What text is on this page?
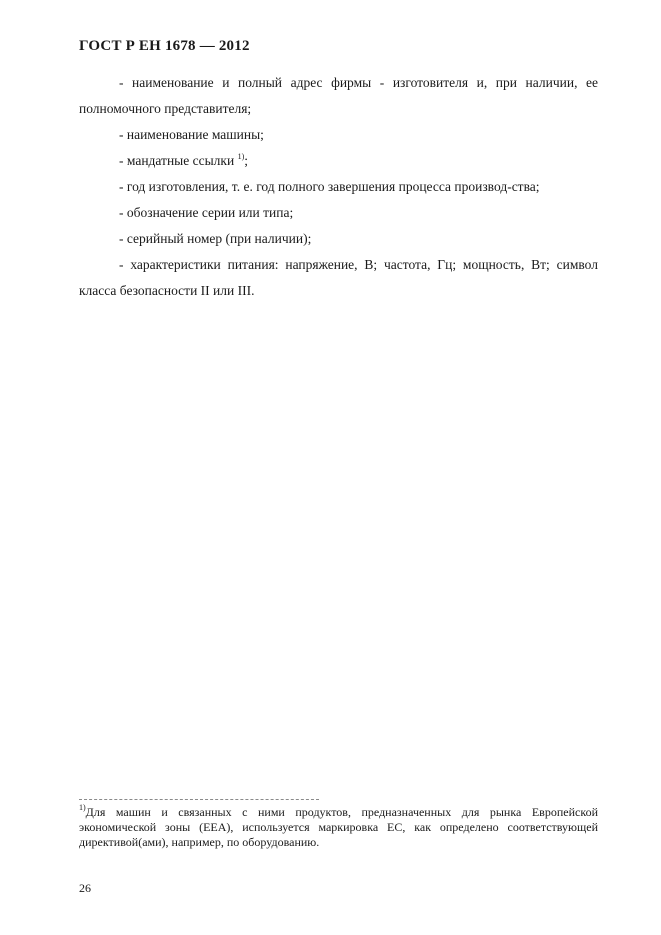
ГОСТ Р ЕН 1678 — 2012

- наименование и полный адрес фирмы - изготовителя и, при наличии, ее полномочного представителя;

- наименование машины;

- мандатные ссылки $^{1)}$;

- год изготовления, т. е. год полного завершения процесса производ-ства;

- обозначение серии или типа;

- серийный номер (при наличии);

- характеристики питания: напряжение, В; частота, Гц; мощность, Вт; символ класса безопасности II или III.

$^{1)}$Для машин и связанных с ними продуктов, предназначенных для рынка Европейской экономической зоны (EEA), используется маркировка ЕС, как определено соответствующей директивой(ами), например, по оборудованию.

26
